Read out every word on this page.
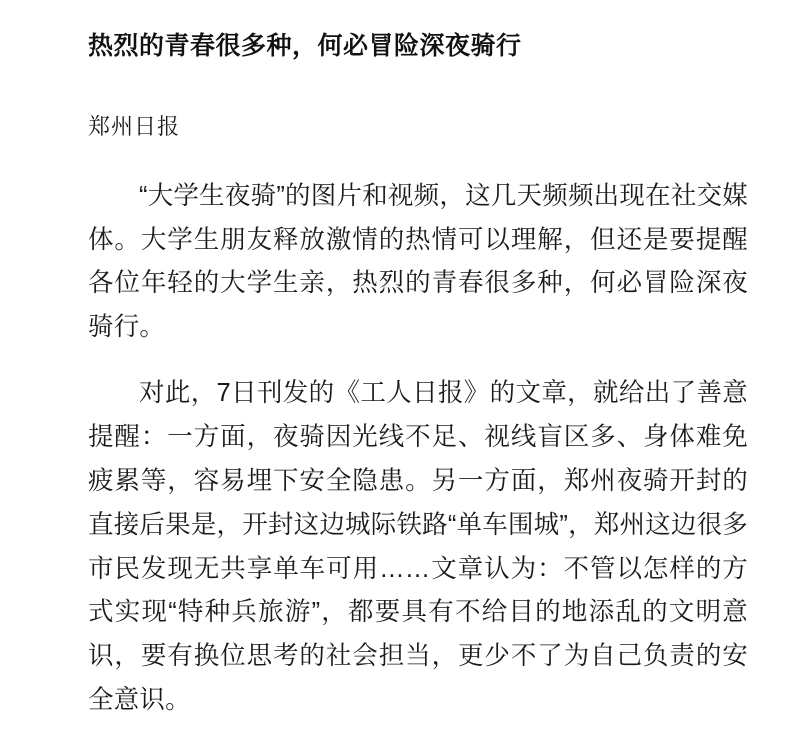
热烈的青春很多种，何必冒险深夜骑行
郑州日报

“大学生夜骑”的图片和视频，这几天频频出现在社交媒体。大学生朋友释放激情的热情可以理解，但还是要提醒各位年轻的大学生亲，热烈的青春很多种，何必冒险深夜骑行。

对此，7日刊发的《工人日报》的文章，就给出了善意提醒：一方面，夜骑因光线不足、视线盲区多、身体难免疲累等，容易埋下安全隐患。另一方面，郑州夜骑开封的直接后果是，开封这边城际铁路“单车围城”，郑州这边很多市民发现无共享单车可用……文章认为：不管以怎样的方式实现“特种兵旅游”，都要具有不给目的地添乱的文明意识，要有换位思考的社会担当，更少不了为自己负责的安全意识。
